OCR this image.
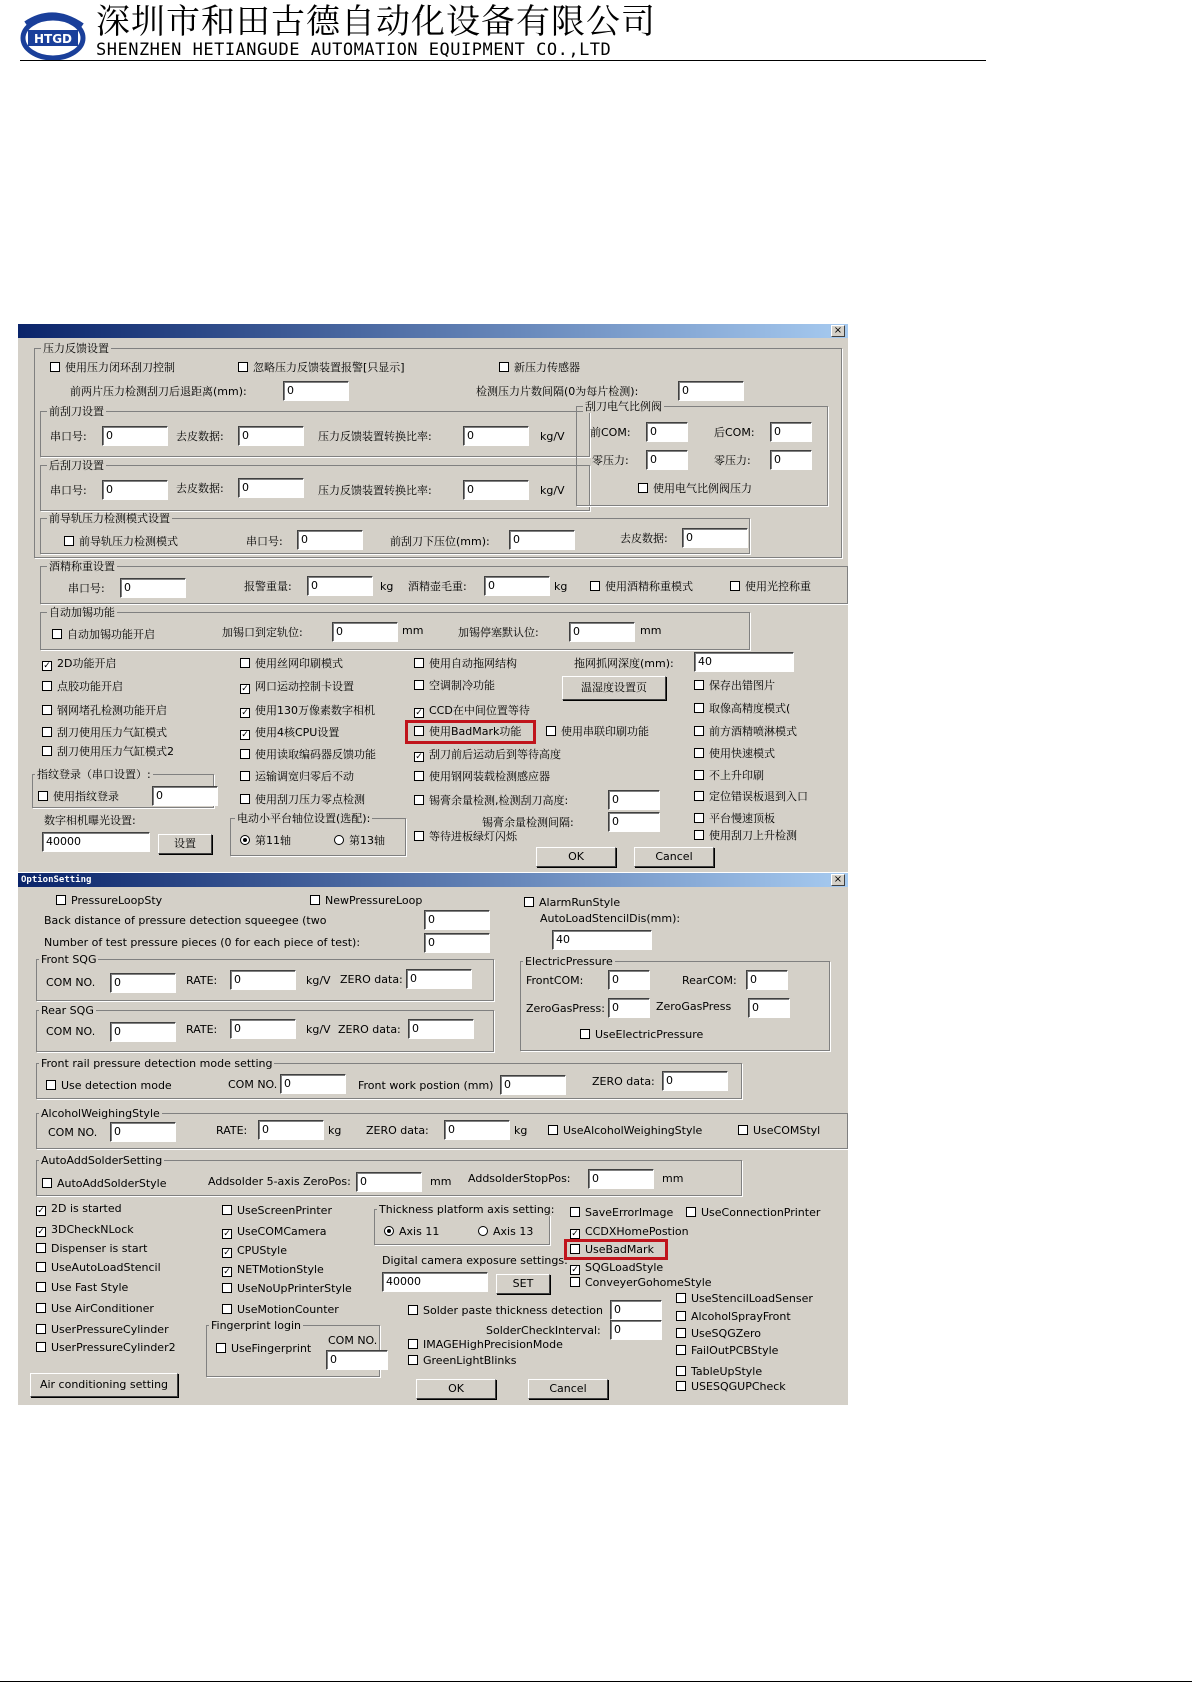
HTGD 深圳市和田古德自动化设备有限公司
SHENZHEN HETIANGUDE AUTOMATION EQUIPMENT CO.,LTD
×
压力反馈设置
使用压力闭环刮刀控制	忽略压力反馈装置报警[只显示]	新压力传感器
前两片压力检测刮刀后退距离(mm):	0	检测压力片数间隔(0为每片检测):	0
前刮刀设置
串口号:	0	去皮数据:	0	压力反馈装置转换比率:	0	kg/V
后刮刀设置
串口号:	0	去皮数据:	0	压力反馈装置转换比率:	0	kg/V
刮刀电气比例阀
前COM:	0	后COM:	0
零压力:	0	零压力:	0
使用电气比例阀压力
前导轨压力检测模式设置
前导轨压力检测模式	串口号:	0	前刮刀下压位(mm):	0	去皮数据:	0
酒精称重设置
串口号:	0	报警重量:	0	kg 酒精壶毛重:	0	kg	使用酒精称重模式	使用光控称重
自动加锡功能
自动加锡功能开启	加锡口到定轨位:	0	mm	加锡停塞默认位:	0	mm
✓ 2D功能开启
点胶功能开启
钢网堵孔检测功能开启
刮刀使用压力气缸模式
刮刀使用压力气缸模式2
使用丝网印刷模式
✓ 网口运动控制卡设置
✓ 使用130万像素数字相机
✓ 使用4核CPU设置
使用读取编码器反馈功能
运输调宽归零后不动
使用刮刀压力零点检测
使用自动拖网结构
空调制冷功能
✓ CCD在中间位置等待
使用BadMark功能
✓ 刮刀前后运动后到等待高度
使用钢网装载检测感应器
使用串联印刷功能
拖网抓网深度(mm):	40
温湿度设置页	保存出错图片
取像高精度模式(
前方酒精喷淋模式
使用快速模式
不上升印刷
定位错误板退到入口
平台慢速顶板
使用刮刀上升检测
指纹登录（串口设置）:
使用指纹登录	0
数字相机曝光设置:
40000	设置
电动小平台轴位设置(选配):
第11轴	第13轴
锡膏余量检测,检测刮刀高度:	0
锡膏余量检测间隔:	0
等待进板绿灯闪烁
OK	Cancel
OptionSetting	×
PressureLoopSty	NewPressureLoop	AlarmRunStyle
Back distance of pressure detection squeegee (two	0
Number of test pressure pieces (0 for each piece of test):	0
AutoLoadStencilDis(mm):
40
Front SQG
COM NO.	0	RATE:	0	kg/V ZERO data: 0
Rear SQG
COM NO.	0	RATE:	0	kg/V ZERO data:	0
ElectricPressure
FrontCOM:	0	RearCOM:	0
ZeroGasPress: 0	ZeroGasPress	0
UseElectricPressure
Front rail pressure detection mode setting
Use detection mode	COM NO. 0	Front work postion (mm) 0	ZERO data:	0
AlcoholWeighingStyle
COM NO.	0	RATE:	0	kg ZERO data:	0	kg	UseAlcoholWeighingStyle	UseCOMStyl
AutoAddSolderSetting
AutoAddSolderStyle	Addsolder 5-axis ZeroPos: 0	mm AddsolderStopPos:	0	mm
✓ 2D is started
✓ 3DCheckNLock
Dispenser is start
UseAutoLoadStencil
Use Fast Style
Use AirConditioner
UserPressureCylinder
UserPressureCylinder2
Air conditioning setting
UseScreenPrinter
✓ UseCOMCamera
✓ CPUStyle
✓ NETMotionStyle
UseNoUpPrinterStyle
UseMotionCounter
Fingerprint login
UseFingerprint
COM NO.
0
Thickness platform axis setting:
Axis 11	Axis 13
Digital camera exposure settings:
40000	SET
Solder paste thickness detection	0
SolderCheckInterval:	0
IMAGEHighPrecisionMode
GreenLightBlinks
OK	Cancel
SaveErrorImage	UseConnectionPrinter
✓ CCDXHomePostion
UseBadMark
✓ SQGLoadStyle
ConveyerGohomeStyle
UseStencilLoadSenser
AlcoholSprayFront
UseSQGZero
FailOutPCBStyle
TableUpStyle
USESQGUPCheck
